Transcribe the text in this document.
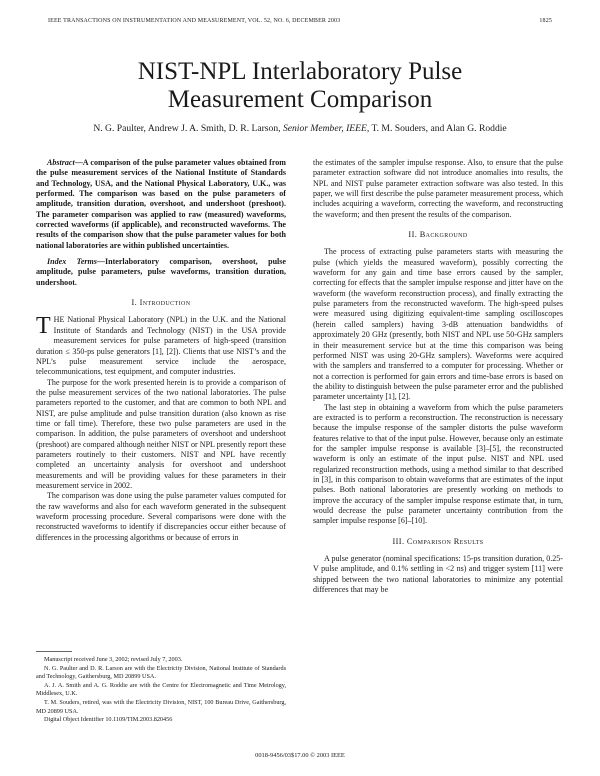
IEEE TRANSACTIONS ON INSTRUMENTATION AND MEASUREMENT, VOL. 52, NO. 6, DECEMBER 2003	1825
NIST-NPL Interlaboratory Pulse
Measurement Comparison
N. G. Paulter, Andrew J. A. Smith, D. R. Larson, Senior Member, IEEE, T. M. Souders, and Alan G. Roddie

Abstract—A comparison of the pulse parameter values obtained from the pulse measurement services of the National Institute of Standards and Technology, USA, and the National Physical Laboratory, U.K., was performed. The comparison was based on the pulse parameters of amplitude, transition duration, overshoot, and undershoot (preshoot). The parameter comparison was applied to raw (measured) waveforms, corrected waveforms (if applicable), and reconstructed waveforms. The results of the comparison show that the pulse parameter values for both national laboratories are within published uncertainties.

Index Terms—Interlaboratory comparison, overshoot, pulse amplitude, pulse parameters, pulse waveforms, transition duration, undershoot.

I. Introduction

THE National Physical Laboratory (NPL) in the U.K. and the National Institute of Standards and Technology (NIST) in the USA provide measurement services for pulse parameters of high-speed (transition duration ≤ 350-ps pulse generators [1], [2]). Clients that use NIST’s and the NPL’s pulse measurement service include the aerospace, telecommunications, test equipment, and computer industries.

The purpose for the work presented herein is to provide a comparison of the pulse measurement services of the two national laboratories. The pulse parameters reported to the customer, and that are common to both NPL and NIST, are pulse amplitude and pulse transition duration (also known as rise time or fall time). Therefore, these two pulse parameters are used in the comparison. In addition, the pulse parameters of overshoot and undershoot (preshoot) are compared although neither NIST or NPL presently report these parameters routinely to their customers. NIST and NPL have recently completed an uncertainty analysis for overshoot and undershoot measurements and will be providing values for these parameters in their measurement service in 2002.

The comparison was done using the pulse parameter values computed for the raw waveforms and also for each waveform generated in the subsequent waveform processing procedure. Several comparisons were done with the reconstructed waveforms to identify if discrepancies occur either because of differences in the processing algorithms or because of errors in

Manuscript received June 3, 2002; revised July 7, 2003.

N. G. Paulter and D. R. Larson are with the Electricity Division, National Institute of Standards and Technology, Gaithersburg, MD 20899 USA.

A. J. A. Smith and A. G. Roddie are with the Centre for Electromagnetic and Time Metrology, Middlesex, U.K.

T. M. Souders, retired, was with the Electricity Division, NIST, 100 Bureau Drive, Gaithersburg, MD 20899 USA.

Digital Object Identifier 10.1109/TIM.2003.820456

the estimates of the sampler impulse response. Also, to ensure that the pulse parameter extraction software did not introduce anomalies into results, the NPL and NIST pulse parameter extraction software was also tested. In this paper, we will first describe the pulse parameter measurement process, which includes acquiring a waveform, correcting the waveform, and reconstructing the waveform; and then present the results of the comparison.

II. Background

The process of extracting pulse parameters starts with measuring the pulse (which yields the measured waveform), possibly correcting the waveform for any gain and time base errors caused by the sampler, correcting for effects that the sampler impulse response and jitter have on the waveform (the waveform reconstruction process), and finally extracting the pulse parameters from the reconstructed waveform. The high-speed pulses were measured using digitizing equivalent-time sampling oscilloscopes (herein called samplers) having 3-dB attenuation bandwidths of approximately 20 GHz (presently, both NIST and NPL use 50-GHz samplers in their measurement service but at the time this comparison was being performed NIST was using 20-GHz samplers). Waveforms were acquired with the samplers and transferred to a computer for processing. Whether or not a correction is performed for gain errors and time-base errors is based on the ability to distinguish between the pulse parameter error and the published parameter uncertainty [1], [2].

The last step in obtaining a waveform from which the pulse parameters are extracted is to perform a reconstruction. The reconstruction is necessary because the impulse response of the sampler distorts the pulse waveform features relative to that of the input pulse. However, because only an estimate for the sampler impulse response is available [3]–[5], the reconstructed waveform is only an estimate of the input pulse. NIST and NPL used regularized reconstruction methods, using a method similar to that described in [3], in this comparison to obtain waveforms that are estimates of the input pulses. Both national laboratories are presently working on methods to improve the accuracy of the sampler impulse response estimate that, in turn, would decrease the pulse parameter uncertainty contribution from the sampler impulse response [6]–[10].

III. Comparison Results

A pulse generator (nominal specifications: 15-ps transition duration, 0.25-V pulse amplitude, and 0.1% settling in <2 ns) and trigger system [11] were shipped between the two national laboratories to minimize any potential differences that may be

0018-9456/03$17.00 © 2003 IEEE
